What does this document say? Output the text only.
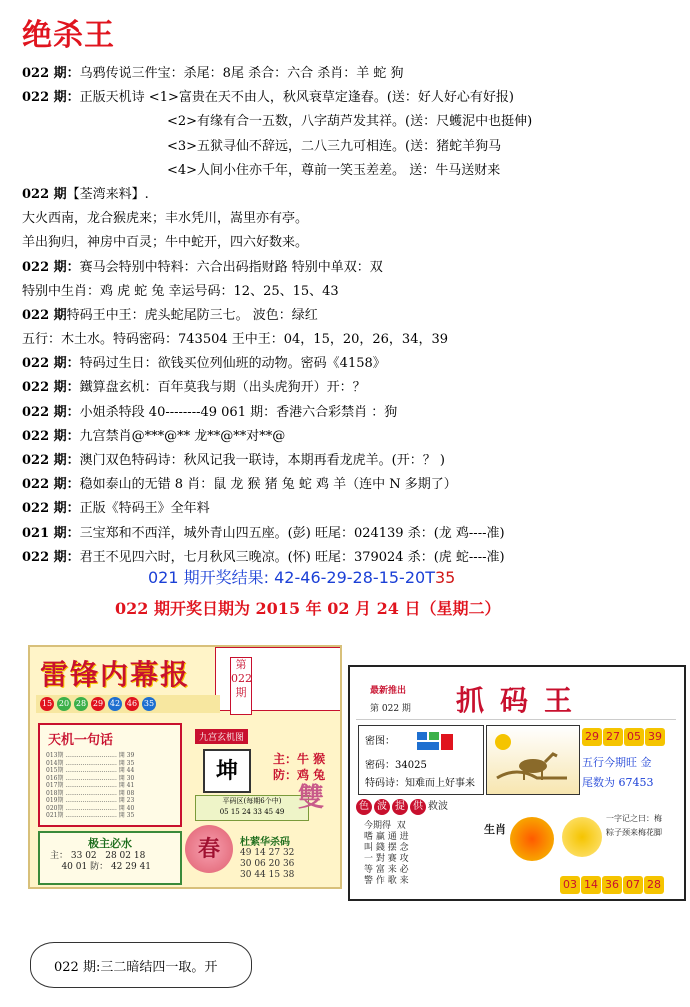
绝杀王
022 期：乌鸦传说三件宝：杀尾：8尾 杀合：六合 杀肖：羊 蛇 狗
022 期：正版天机诗 <1>富贵在天不由人，秋风衰草定逢春。(送：好人好心有好报)
<2>有缘有合一五数，八字葫芦发其祥。(送：尺蠖泥中也挺伸)
<3>五狱寻仙不辞远，二八三九可相连。(送：猪蛇羊狗马
<4>人间小住亦千年，尊前一笑玉差差。 送：牛马送财来
022 期【荃湾来料】.
大火西南，龙合猴虎来；丰水凭川，嵩里亦有亭。
羊出狗归，神房中百灵；牛中蛇开，四六好数来。
022 期：赛马会特别中特料：六合出码指财路 特别中单双：双
特别中生肖：鸡 虎 蛇 兔 幸运号码：12、25、15、43
022 期特码王中王：虎头蛇尾防三七。 波色：绿红
五行：木土水。特码密码：743504 王中王：04，15，20，26，34，39
022 期：特码过生日：欲钱买位列仙班的动物。密码《4158》
022 期：鐵算盘玄机：百年莫我与期（出头虎狗开）开：？
022 期：小姐杀特段 40--------49 061 期：香港六合彩禁肖 ：狗
022 期：九宫禁肖@***@** 龙**@**对**@
022 期：澳门双色特码诗：秋风记我一联诗，本期再看龙虎羊。(开：？ )
022 期：稳如泰山的无错 8 肖：鼠 龙 猴 猪 兔 蛇 鸡 羊（连中 N 多期了）
022 期：正版《特码王》全年料
021 期：三宝郑和不西洋，城外青山四五座。(彭) 旺尾：024139 杀：(龙 鸡----准)
022 期：君王不见四六时，七月秋风三晚凉。(怀) 旺尾：379024 杀：(虎 蛇----准)
021 期开奖结果: 42-46-29-28-15-20T35
022 期开奖日期为 2015 年 02 月 24 日（星期二）
雷锋内幕报	第
022
期
15 20 28 29 42 46 35
天机一句话
013期 ........................... 開 39
014期 ........................... 開 35
015期 ........................... 開 44
016期 ........................... 開 30
017期 ........................... 開 41
018期 ........................... 開 08
019期 ........................... 開 23
020期 ........................... 開 40
021期 ........................... 開 35
极主必水
主： 33 02   28 02 18
40 01 防： 42 29 41
九宫玄机图
坤	主：牛 猴
防：鸡 兔
平码区(每期6个中)
05 15 24 33 45 49 雙
春	杜萦华杀码
49 14 27 32
30 06 20 36
30 44 15 38
最新推出
第 022 期 抓码王
密图：
密码：34025
特码诗：知难而上好事来
29 27 05 39
五行今期旺 金
尾数为 67453
色 波 提 供 救波
今期得  双
嗜 赢 通 进
叫 錢 摆 念
一 對 赛 攻
等 富 来 必
警 作 歌 来
生肖
一字记之曰：梅
粽子颈来梅花脚
03 14 36 07 28
022 期:三二暗结四一取。开
